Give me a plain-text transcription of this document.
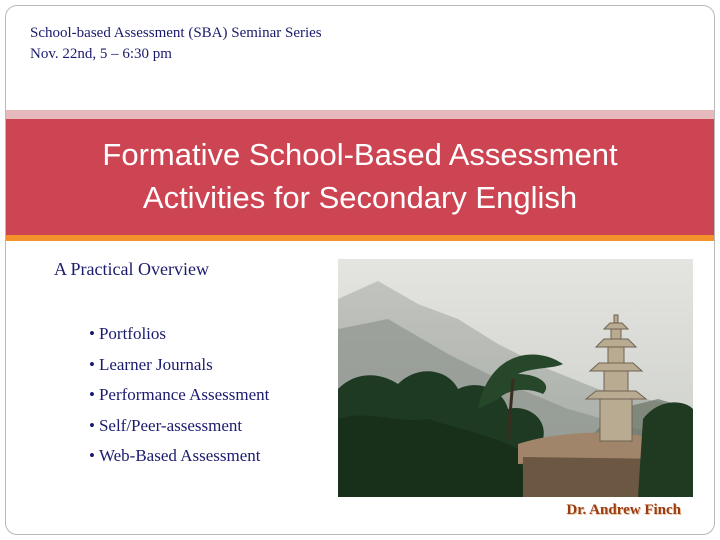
School-based Assessment (SBA) Seminar Series
Nov. 22nd, 5 – 6:30 pm
Formative School-Based Assessment
Activities for Secondary English
A Practical Overview
• Portfolios
• Learner Journals
• Performance Assessment
• Self/Peer-assessment
• Web-Based Assessment
Dr. Andrew Finch
